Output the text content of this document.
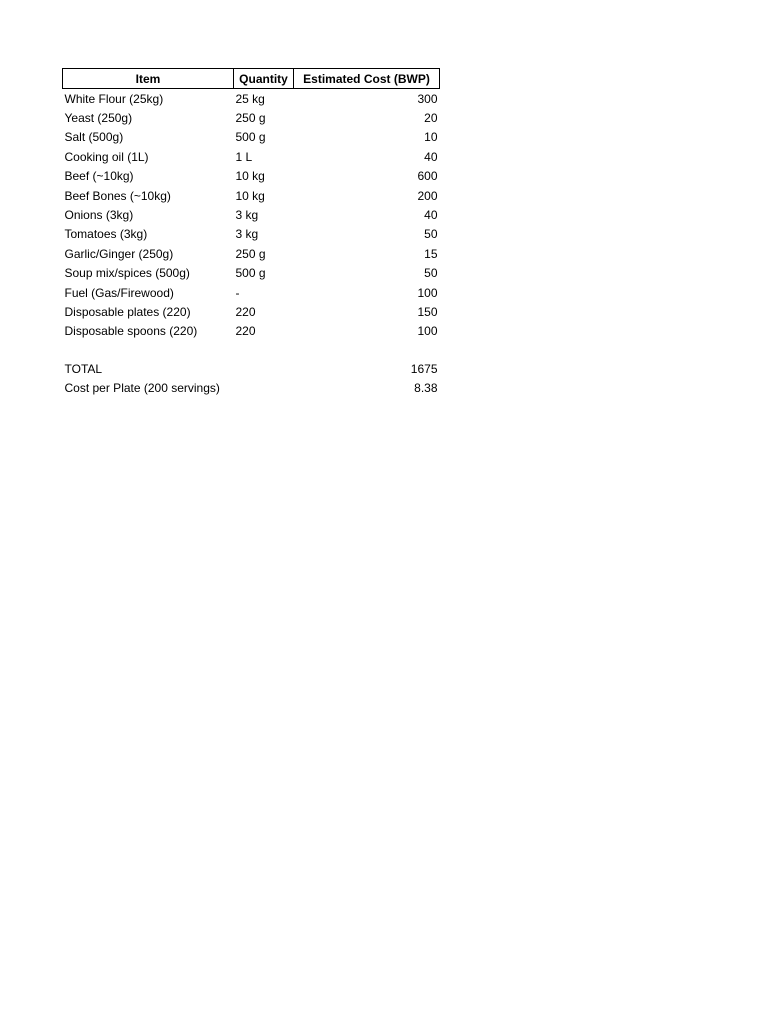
Item	Quantity	Estimated Cost (BWP)
White Flour (25kg)	25 kg	300
Yeast (250g)	250 g	20
Salt (500g)	500 g	10
Cooking oil (1L)	1 L	40
Beef (~10kg)	10 kg	600
Beef Bones (~10kg)	10 kg	200
Onions (3kg)	3 kg	40
Tomatoes (3kg)	3 kg	50
Garlic/Ginger (250g)	250 g	15
Soup mix/spices (500g)	500 g	50
Fuel (Gas/Firewood)	-	100
Disposable plates (220)	220	150
Disposable spoons (220)	220	100

TOTAL		1675
Cost per Plate (200 servings)		8.38
